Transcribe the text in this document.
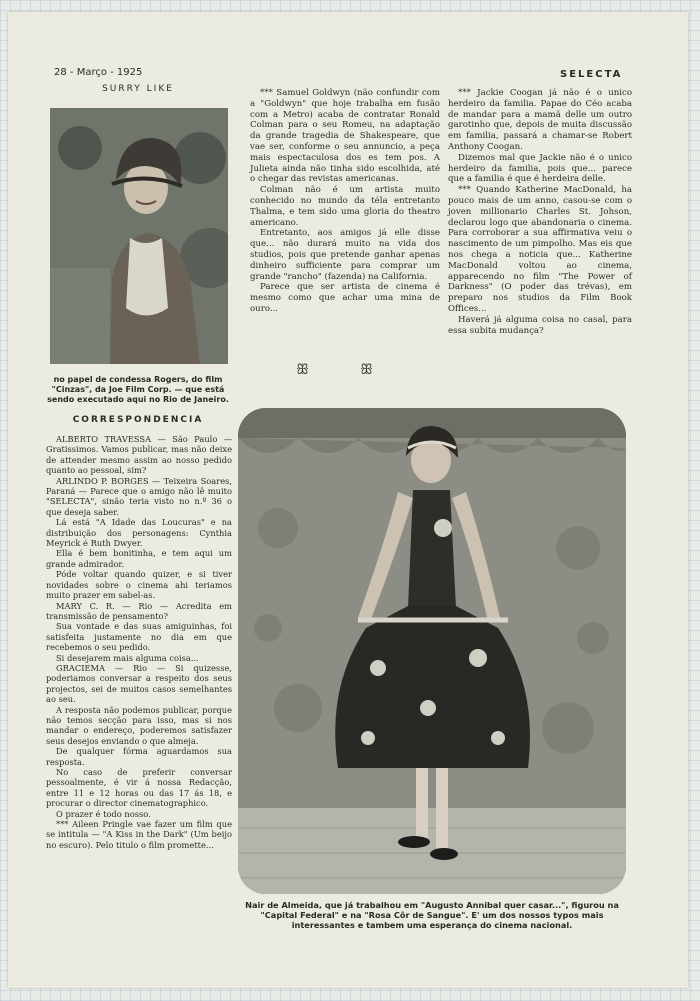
28 - Março - 1925	SELECTA
SURRY LIKE
no papel de condessa Rogers, do film "Cinzas", da Joe Film Corp. — que está sendo executado aqui no Rio de Janeiro.

*** Samuel Goldwyn (não confundir com a "Goldwyn" que hoje trabalha em fusão com a Metro) acaba de contratar Ronald Colman para o seu Romeu, na adaptação da grande tragedia de Shakespeare, que vae ser, conforme o seu annuncio, a peça mais espectaculosa dos es tem pos. A Julieta ainda não tinha sido escolhida, até o chegar das revistas americanas.

Colman não é um artista muito conhecido no mundo da téla entretanto Thalma, e tem sido uma gloria do theatro americano.

Entretanto, aos amigos já elle disse que... não durará muito na vida dos studios, pois que pretende ganhar apenas dinheiro sufficiente para comprar um grande "rancho" (fazenda) na California.

Parece que ser artista de cinema é mesmo como que achar uma mina de ouro...

ꕥ	ꕥ

*** Jackie Coogan já não é o unico herdeiro da familia. Papae do Céo acaba de mandar para a mamã delle um outro garotinho que, depois de muita discussão em familia, passará a chamar-se Robert Anthony Coogan.

Dizemos mal que Jackie não é o unico herdeiro da familia, pois que... parece que a familia é que é herdeira delle.

*** Quando Katherine MacDonald, ha pouco mais de um anno, casou-se com o joven millionario Charles St. Johson, declarou logo que abandonaria o cinema. Para corroborar a sua affirmativa veiu o nascimento de um pimpolho. Mas eis que nos chega a noticia que... Katherine MacDonald voltou ao cinema, apparecendo no film "The Power of Darkness" (O poder das trévas), em preparo nos studios da Film Book Offices...

Haverá já alguma coisa no casal, para essa subita mudança?

CORRESPONDENCIA

ALBERTO TRAVESSA — São Paulo — Gratissimos. Vamos publicar, mas não deixe de attender mesmo assim ao nosso pedido quanto ao pessoal, sim?

ARLINDO P. BORGES — Teixeira Soares, Paraná — Parece que o amigo não lê muito "SELECTA", sinão teria visto no n.º 36 o que deseja saber.

Lá está "A Idade das Loucuras" e na distribuição dos personagens: Cynthia Meyrick é Ruth Dwyer.

Ella é bem bonitinha, e tem aqui um grande admirador.

Póde voltar quando quizer, e si tiver novidades sobre o cinema ahi teriamos muito prazer em sabel-as.

MARY C. R. — Rio — Acredita em transmissão de pensamento?

Sua vontade e das suas amiguinhas, foi satisfeita justamente no dia em que recebemos o seu pedido.

Si desejarem mais alguma coisa...

GRACIEMA — Rio — Si quizesse, poderiamos conversar a respeito dos seus projectos, sei de muitos casos semelhantes ao seu.

A resposta não podemos publicar, porque não temos secção para isso, mas si nos mandar o endereço, poderemos satisfazer seus desejos enviando o que almeja.

De qualquer fórma aguardamos sua resposta.

No caso de preferir conversar pessoalmente, é vir á nossa Redacção, entre 11 e 12 horas ou das 17 ás 18, e procurar o director cinematographico.

O prazer é todo nosso.

*** Aileen Pringle vae fazer um film que se intitula — "A Kiss in the Dark" (Um beijo no escuro). Pelo titulo o film promette...

Nair de Almeida, que já trabalhou em "Augusto Annibal quer casar...", figurou na "Capital Federal" e na "Rosa Côr de Sangue". E' um dos nossos typos mais interessantes e tambem uma esperança do cinema nacional.
